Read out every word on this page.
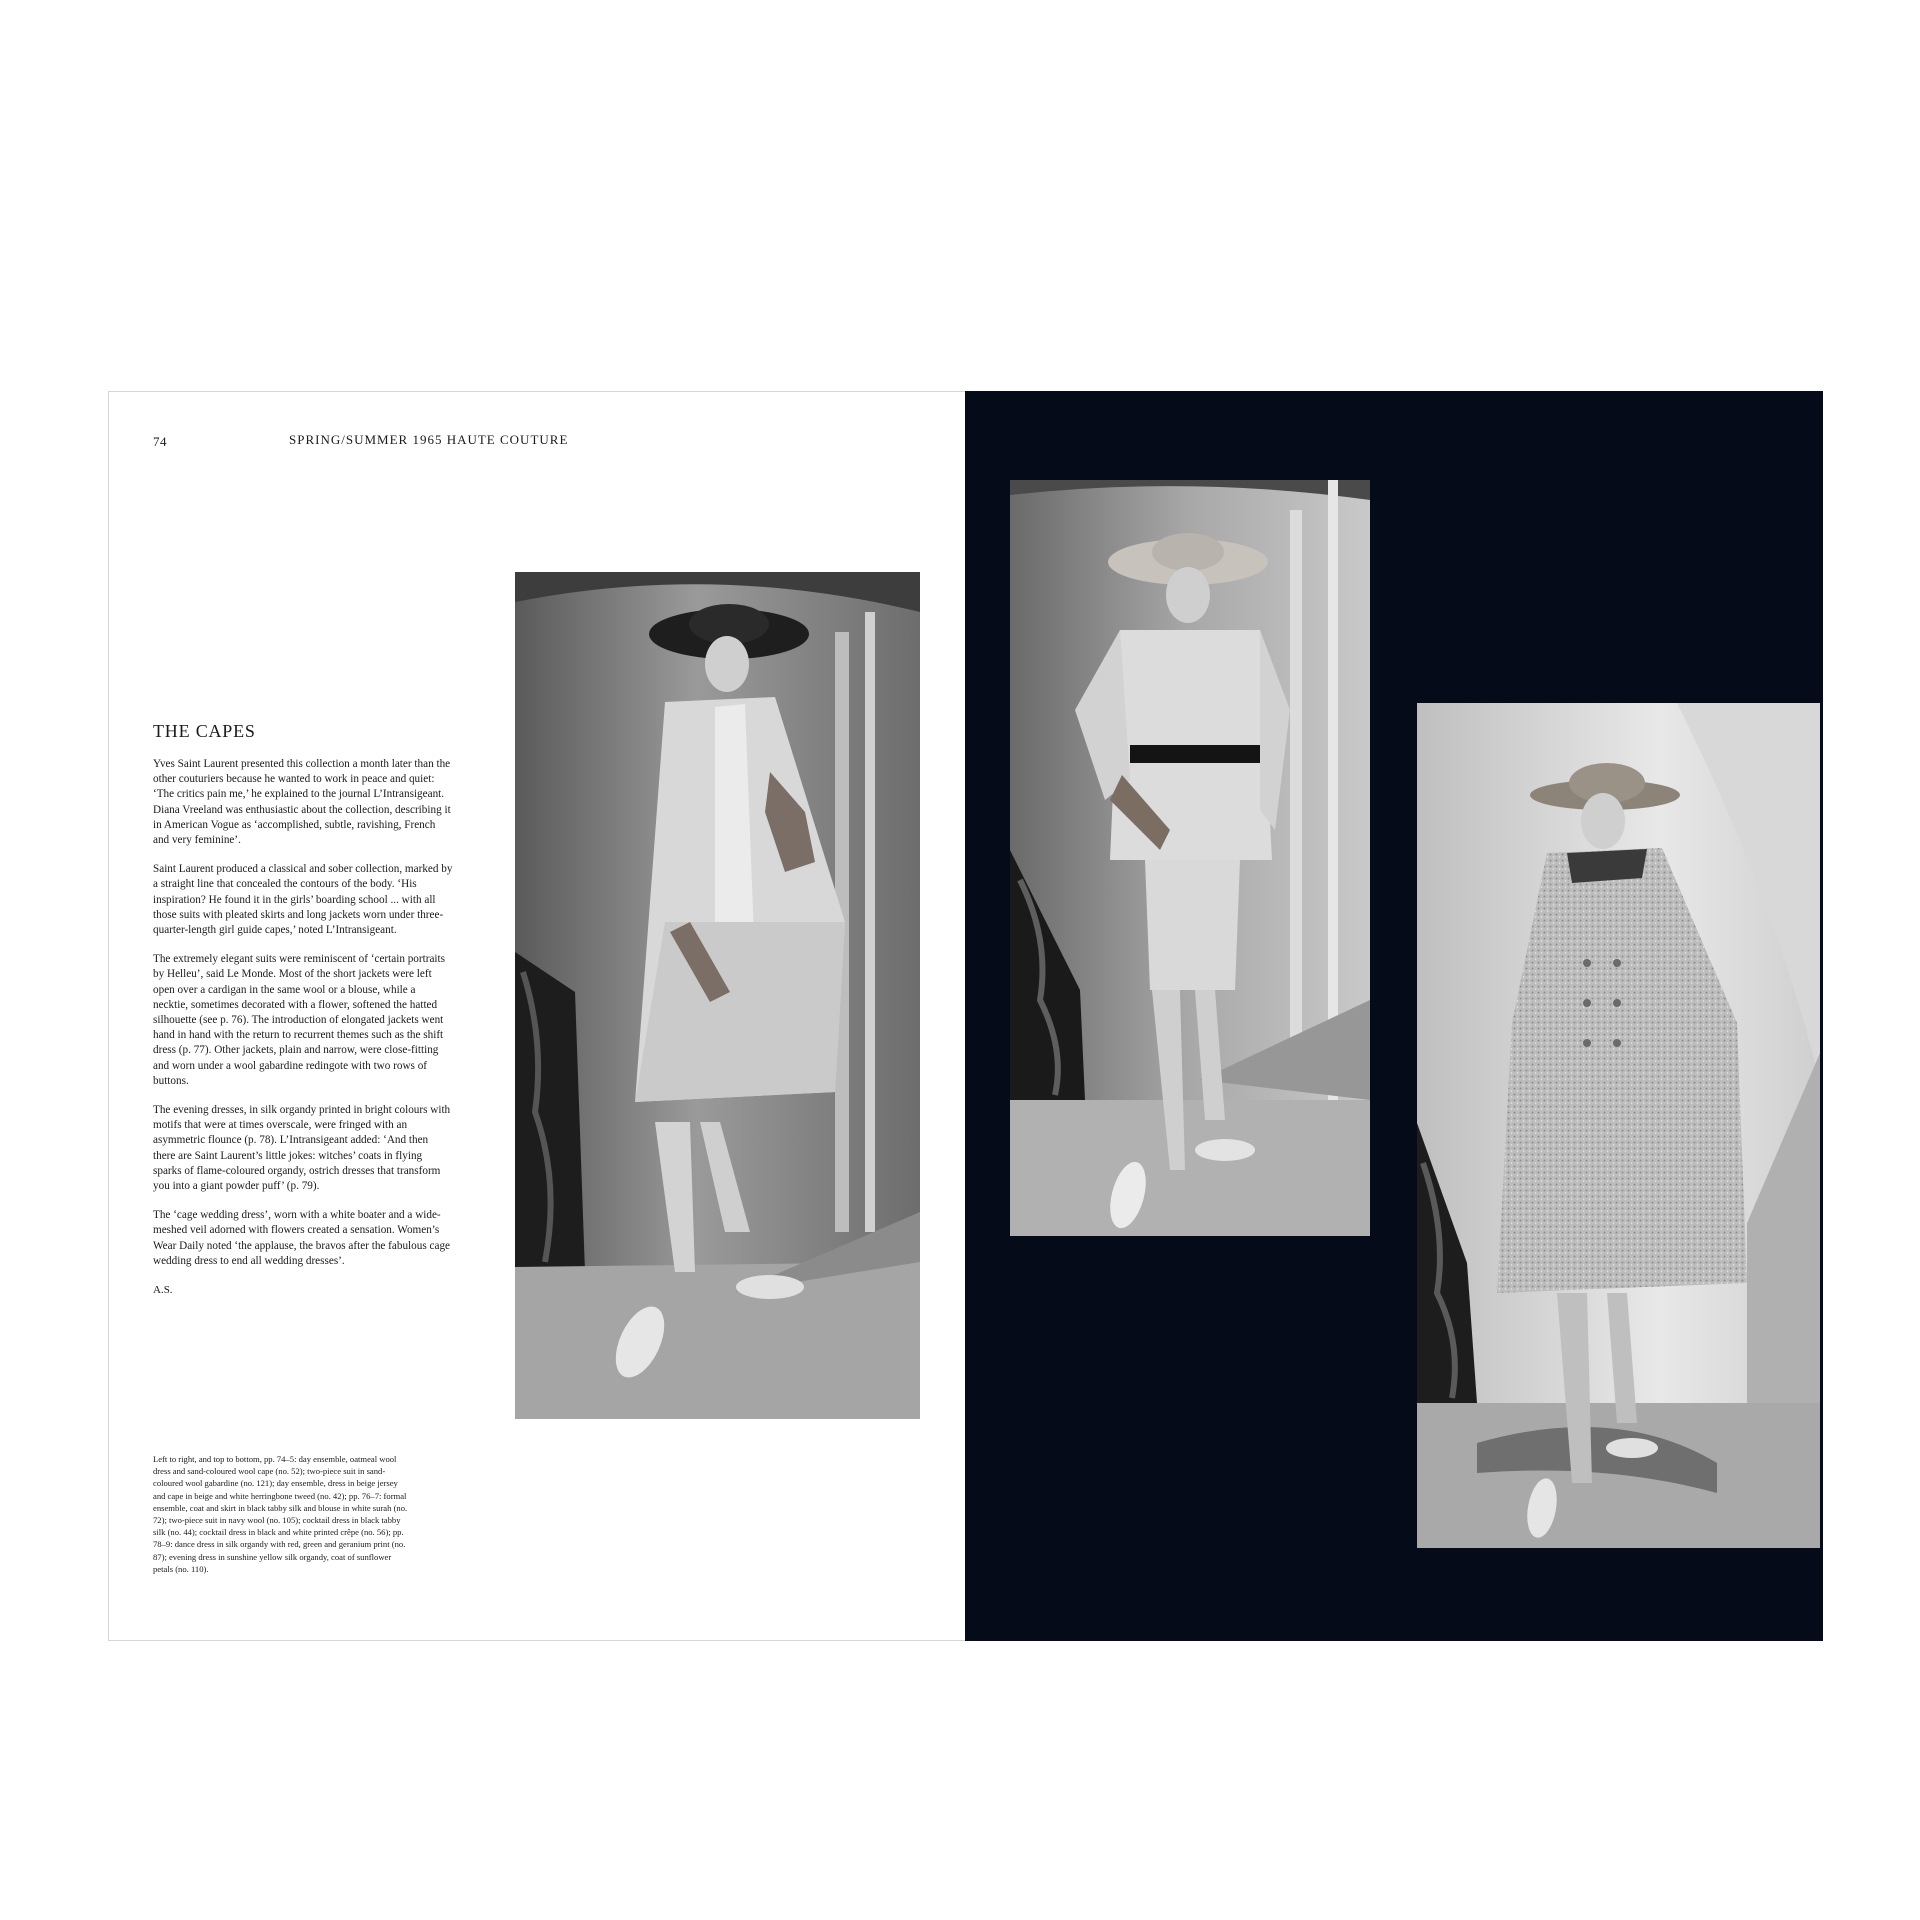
74	SPRING/SUMMER 1965 HAUTE COUTURE
THE CAPES

Yves Saint Laurent presented this collection a month later than the other couturiers because he wanted to work in peace and quiet: ‘The critics pain me,’ he explained to the journal L’Intransigeant. Diana Vreeland was enthusiastic about the collection, describing it in American Vogue as ‘accomplished, subtle, ravishing, French and very feminine’.

Saint Laurent produced a classical and sober collection, marked by a straight line that concealed the contours of the body. ‘His inspiration? He found it in the girls’ boarding school ... with all those suits with pleated skirts and long jackets worn under three-quarter-length girl guide capes,’ noted L’Intransigeant.

The extremely elegant suits were reminiscent of ‘certain portraits by Helleu’, said Le Monde. Most of the short jackets were left open over a cardigan in the same wool or a blouse, while a necktie, sometimes decorated with a flower, softened the hatted silhouette (see p. 76). The introduction of elongated jackets went hand in hand with the return to recurrent themes such as the shift dress (p. 77). Other jackets, plain and narrow, were close-fitting and worn under a wool gabardine redingote with two rows of buttons.

The evening dresses, in silk organdy printed in bright colours with motifs that were at times overscale, were fringed with an asymmetric flounce (p. 78). L’Intransigeant added: ‘And then there are Saint Laurent’s little jokes: witches’ coats in flying sparks of flame-coloured organdy, ostrich dresses that transform you into a giant powder puff’ (p. 79).

The ‘cage wedding dress’, worn with a white boater and a wide-meshed veil adorned with flowers created a sensation. Women’s Wear Daily noted ‘the applause, the bravos after the fabulous cage wedding dress to end all wedding dresses’.

A.S.
Left to right, and top to bottom, pp. 74–5: day ensemble, oatmeal wool dress and sand-coloured wool cape (no. 52); two-piece suit in sand-coloured wool gabardine (no. 121); day ensemble, dress in beige jersey and cape in beige and white herringbone tweed (no. 42); pp. 76–7: formal ensemble, coat and skirt in black tabby silk and blouse in white surah (no. 72); two-piece suit in navy wool (no. 105); cocktail dress in black tabby silk (no. 44); cocktail dress in black and white printed crêpe (no. 56); pp. 78–9: dance dress in silk organdy with red, green and geranium print (no. 87); evening dress in sunshine yellow silk organdy, coat of sunflower petals (no. 110).
